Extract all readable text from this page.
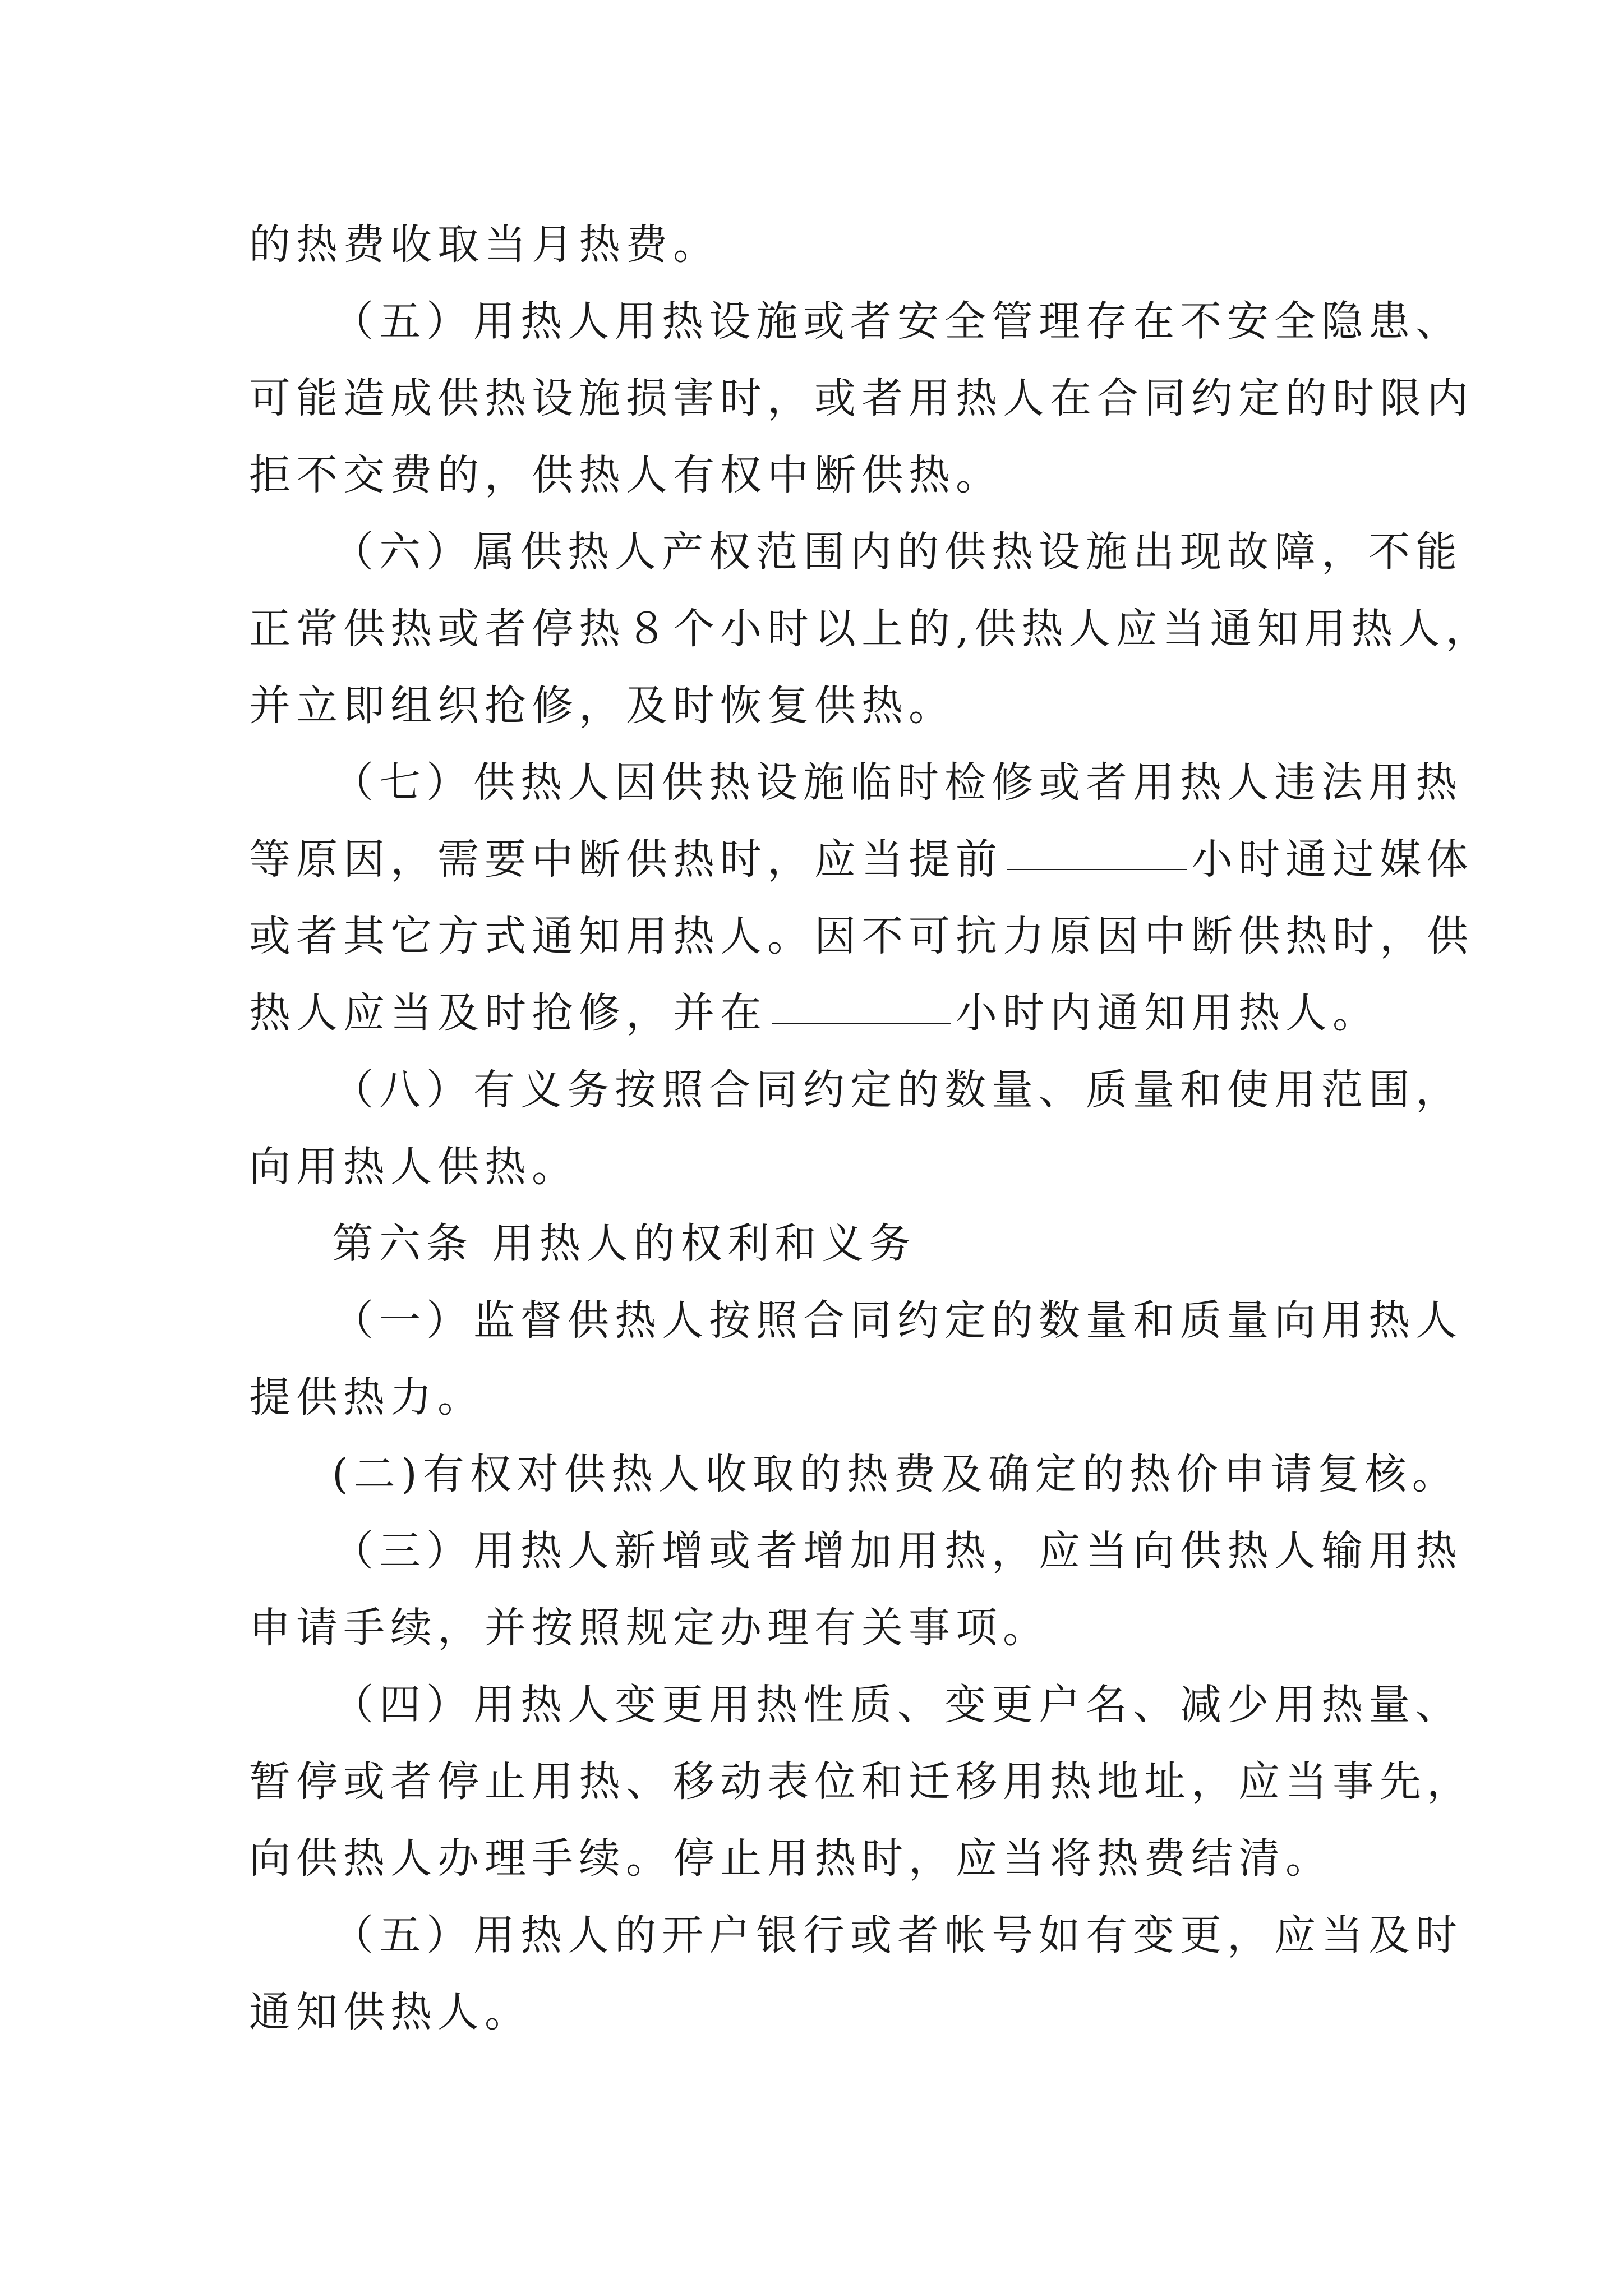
的热费收取当月热费。
（五）用热人用热设施或者安全管理存在不安全隐患、
可能造成供热设施损害时，或者用热人在合同约定的时限内
拒不交费的，供热人有权中断供热。
（六）属供热人产权范围内的供热设施出现故障，不能
正常供热或者停热８个小时以上的,供热人应当通知用热人，
并立即组织抢修，及时恢复供热。
（七）供热人因供热设施临时检修或者用热人违法用热
等原因，需要中断供热时，应当提前	小时通过媒体
或者其它方式通知用热人。因不可抗力原因中断供热时，供
热人应当及时抢修，并在	小时内通知用热人。
（八）有义务按照合同约定的数量、质量和使用范围，
向用热人供热。
第六条 用热人的权利和义务
（一）监督供热人按照合同约定的数量和质量向用热人
提供热力。
(二)有权对供热人收取的热费及确定的热价申请复核。
（三）用热人新增或者增加用热，应当向供热人输用热
申请手续，并按照规定办理有关事项。
（四）用热人变更用热性质、变更户名、减少用热量、
暂停或者停止用热、移动表位和迁移用热地址，应当事先，
向供热人办理手续。停止用热时，应当将热费结清。
（五）用热人的开户银行或者帐号如有变更，应当及时
通知供热人。
